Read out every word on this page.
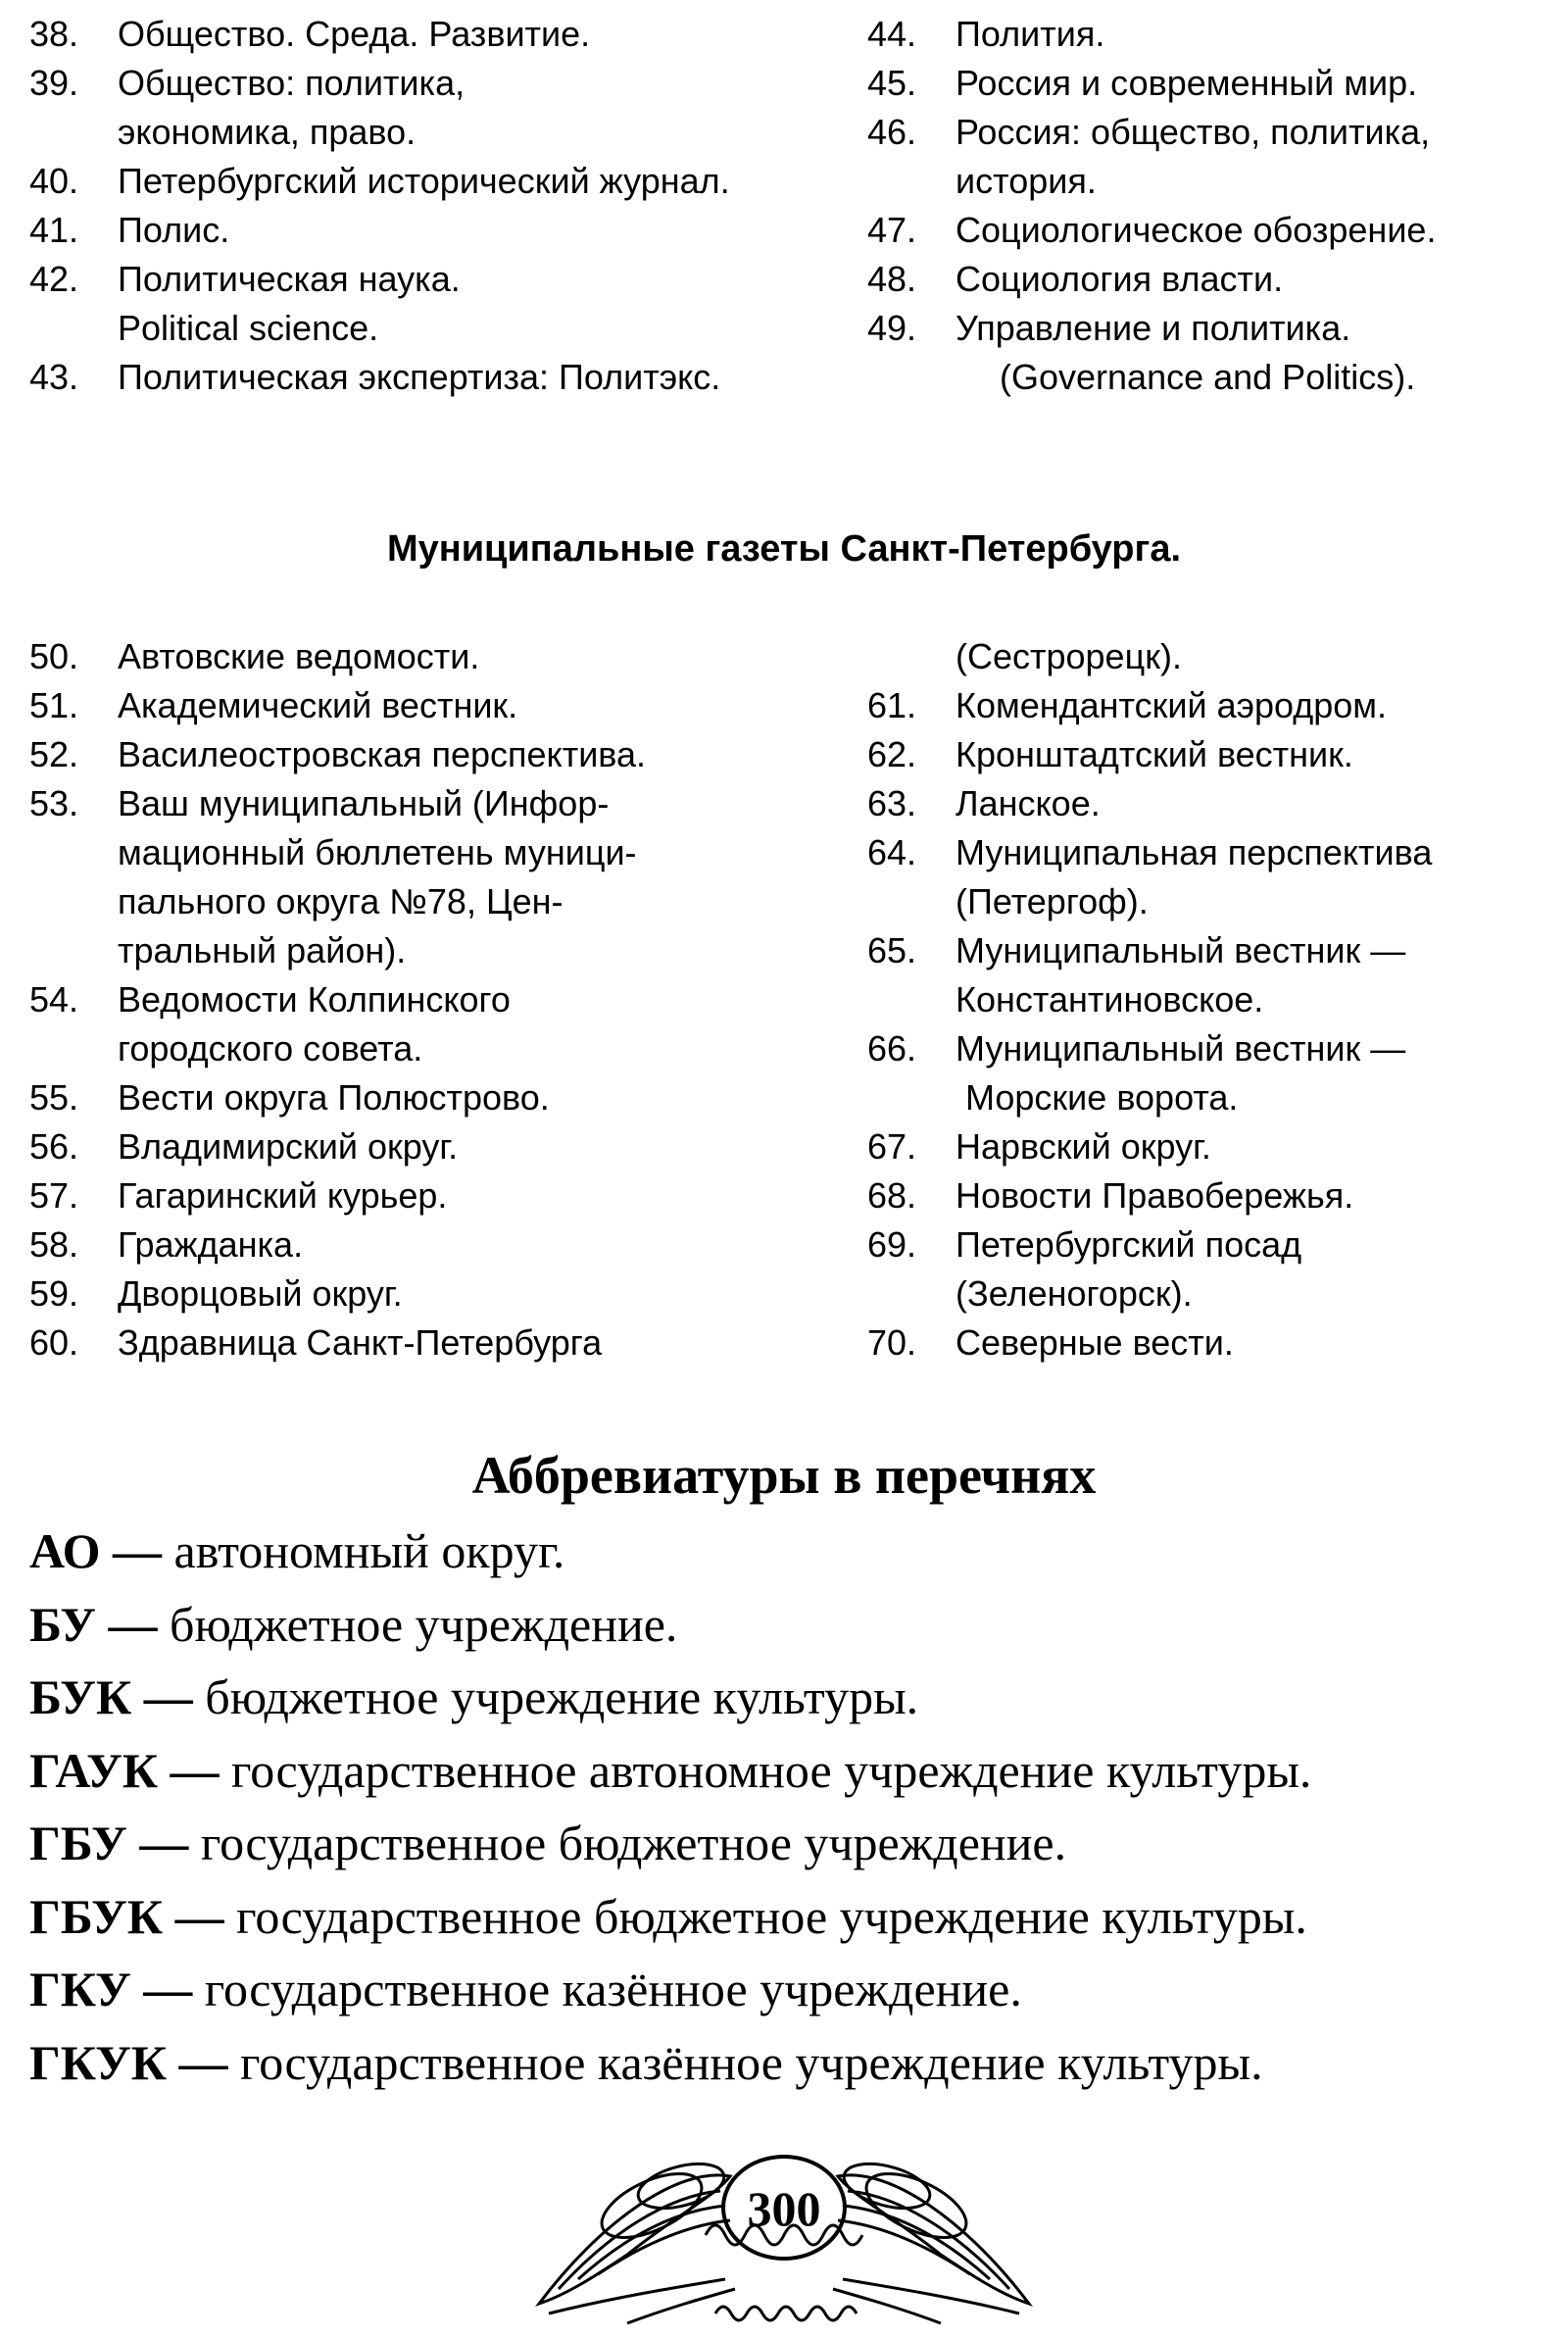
38. Общество. Среда. Развитие.
39. Общество: политика,
экономика, право.
40. Петербургский исторический журнал.
41. Полис.
42. Политическая наука.
Political science.
43. Политическая экспертиза: Политэкс.
44. Полития.
45. Россия и современный мир.
46. Россия: общество, политика,
история.
47. Социологическое обозрение.
48. Социология власти.
49. Управление и политика.
(Governance and Politics).
Муниципальные газеты Санкт-Петербурга.
50. Автовские ведомости.
51. Академический вестник.
52. Василеостровская перспектива.
53. Ваш муниципальный (Инфор-
мационный бюллетень муници-
пального округа №78, Цен-
тральный район).
54. Ведомости Колпинского
городского совета.
55. Вести округа Полюстрово.
56. Владимирский округ.
57. Гагаринский курьер.
58. Гражданка.
59. Дворцовый округ.
60. Здравница Санкт-Петербурга
(Сестрорецк).
61. Комендантский аэродром.
62. Кронштадтский вестник.
63. Ланское.
64. Муниципальная перспектива
(Петергоф).
65. Муниципальный вестник —
Константиновское.
66. Муниципальный вестник —
Морские ворота.
67. Нарвский округ.
68. Новости Правобережья.
69. Петербургский посад
(Зеленогорск).
70. Северные вести.
Аббревиатуры в перечнях
АО — автономный округ.
БУ — бюджетное учреждение.
БУК — бюджетное учреждение культуры.
ГАУК — государственное автономное учреждение культуры.
ГБУ — государственное бюджетное учреждение.
ГБУК — государственное бюджетное учреждение культуры.
ГКУ — государственное казённое учреждение.
ГКУК — государственное казённое учреждение культуры.
300
